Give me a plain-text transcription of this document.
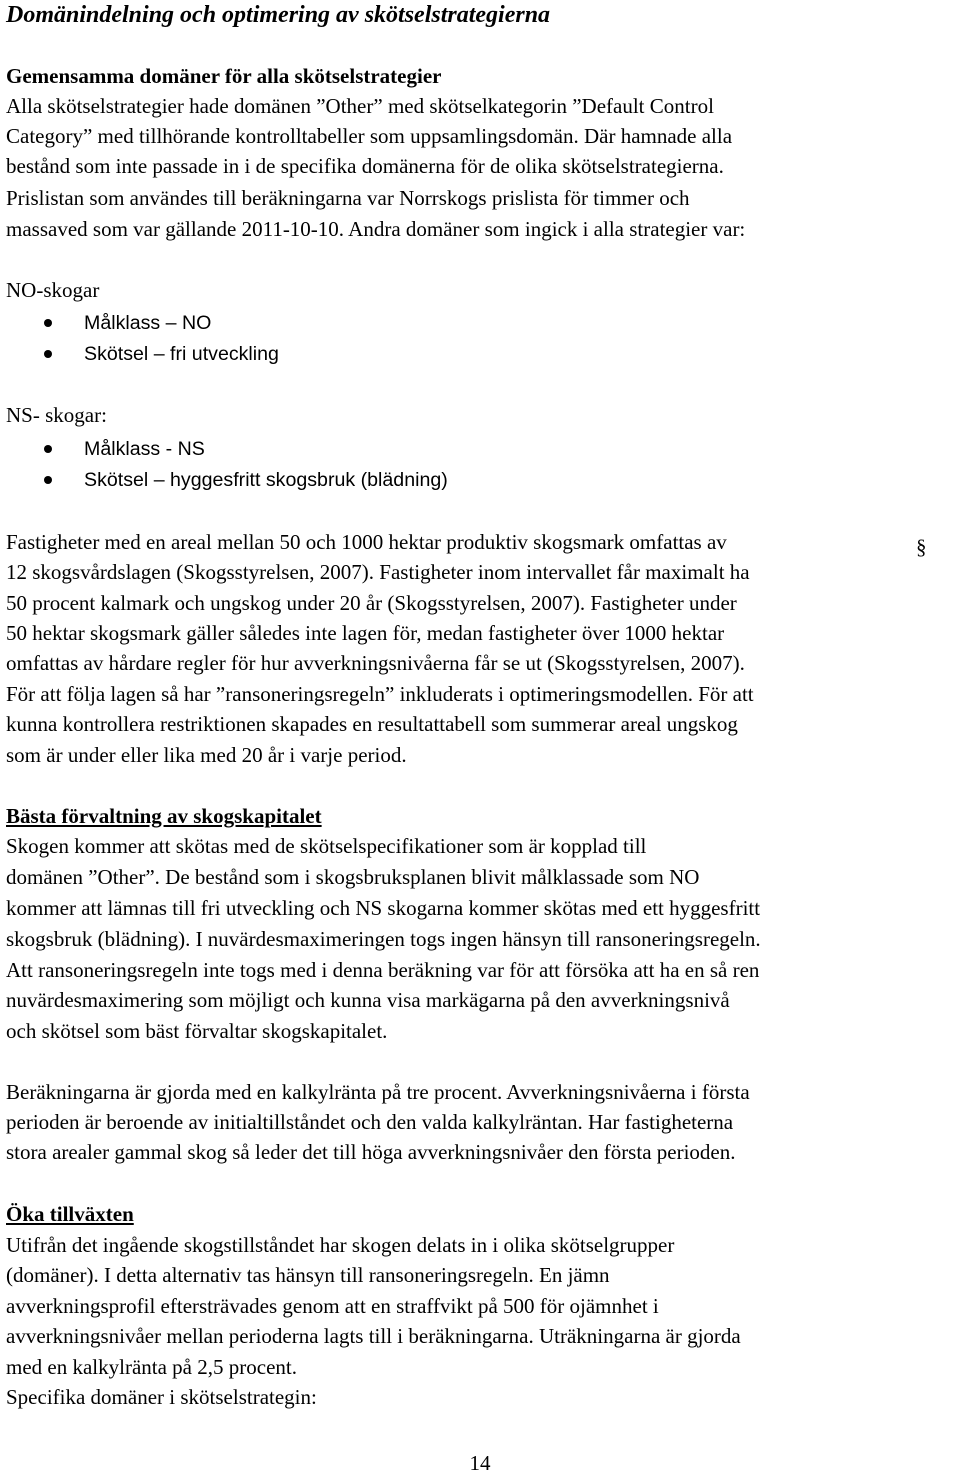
Domänindelning och optimering av skötselstrategierna
Gemensamma domäner för alla skötselstrategier
Alla skötselstrategier hade domänen ”Other” med skötselkategorin ”Default Control
Category” med tillhörande kontrolltabeller som uppsamlingsdomän. Där hamnade alla
bestånd som inte passade in i de specifika domänerna för de olika skötselstrategierna.
Prislistan som användes till beräkningarna var Norrskogs prislista för timmer och
massaved som var gällande 2011-10-10. Andra domäner som ingick i alla strategier var:
NO-skogar
Målklass – NO
Skötsel – fri utveckling
NS- skogar:
Målklass - NS
Skötsel – hyggesfritt skogsbruk (blädning)
Fastigheter med en areal mellan 50 och 1000 hektar produktiv skogsmark omfattas av	§
12 skogsvårdslagen (Skogsstyrelsen, 2007). Fastigheter inom intervallet får maximalt ha
50 procent kalmark och ungskog under 20 år (Skogsstyrelsen, 2007). Fastigheter under
50 hektar skogsmark gäller således inte lagen för, medan fastigheter över 1000 hektar
omfattas av hårdare regler för hur avverkningsnivåerna får se ut (Skogsstyrelsen, 2007).
För att följa lagen så har ”ransoneringsregeln” inkluderats i optimeringsmodellen. För att
kunna kontrollera restriktionen skapades en resultattabell som summerar areal ungskog
som är under eller lika med 20 år i varje period.
Bästa förvaltning av skogskapitalet
Skogen kommer att skötas med de skötselspecifikationer som är kopplad till
domänen ”Other”. De bestånd som i skogsbruksplanen blivit målklassade som NO
kommer att lämnas till fri utveckling och NS skogarna kommer skötas med ett hyggesfritt
skogsbruk (blädning). I nuvärdesmaximeringen togs ingen hänsyn till ransoneringsregeln.
Att ransoneringsregeln inte togs med i denna beräkning var för att försöka att ha en så ren
nuvärdesmaximering som möjligt och kunna visa markägarna på den avverkningsnivå
och skötsel som bäst förvaltar skogskapitalet.
Beräkningarna är gjorda med en kalkylränta på tre procent. Avverkningsnivåerna i första
perioden är beroende av initialtillståndet och den valda kalkylräntan. Har fastigheterna
stora arealer gammal skog så leder det till höga avverkningsnivåer den första perioden.
Öka tillväxten
Utifrån det ingående skogstillståndet har skogen delats in i olika skötselgrupper
(domäner). I detta alternativ tas hänsyn till ransoneringsregeln. En jämn
avverkningsprofil eftersträvades genom att en straffvikt på 500 för ojämnhet i
avverkningsnivåer mellan perioderna lagts till i beräkningarna. Uträkningarna är gjorda
med en kalkylränta på 2,5 procent.
Specifika domäner i skötselstrategin:
14
